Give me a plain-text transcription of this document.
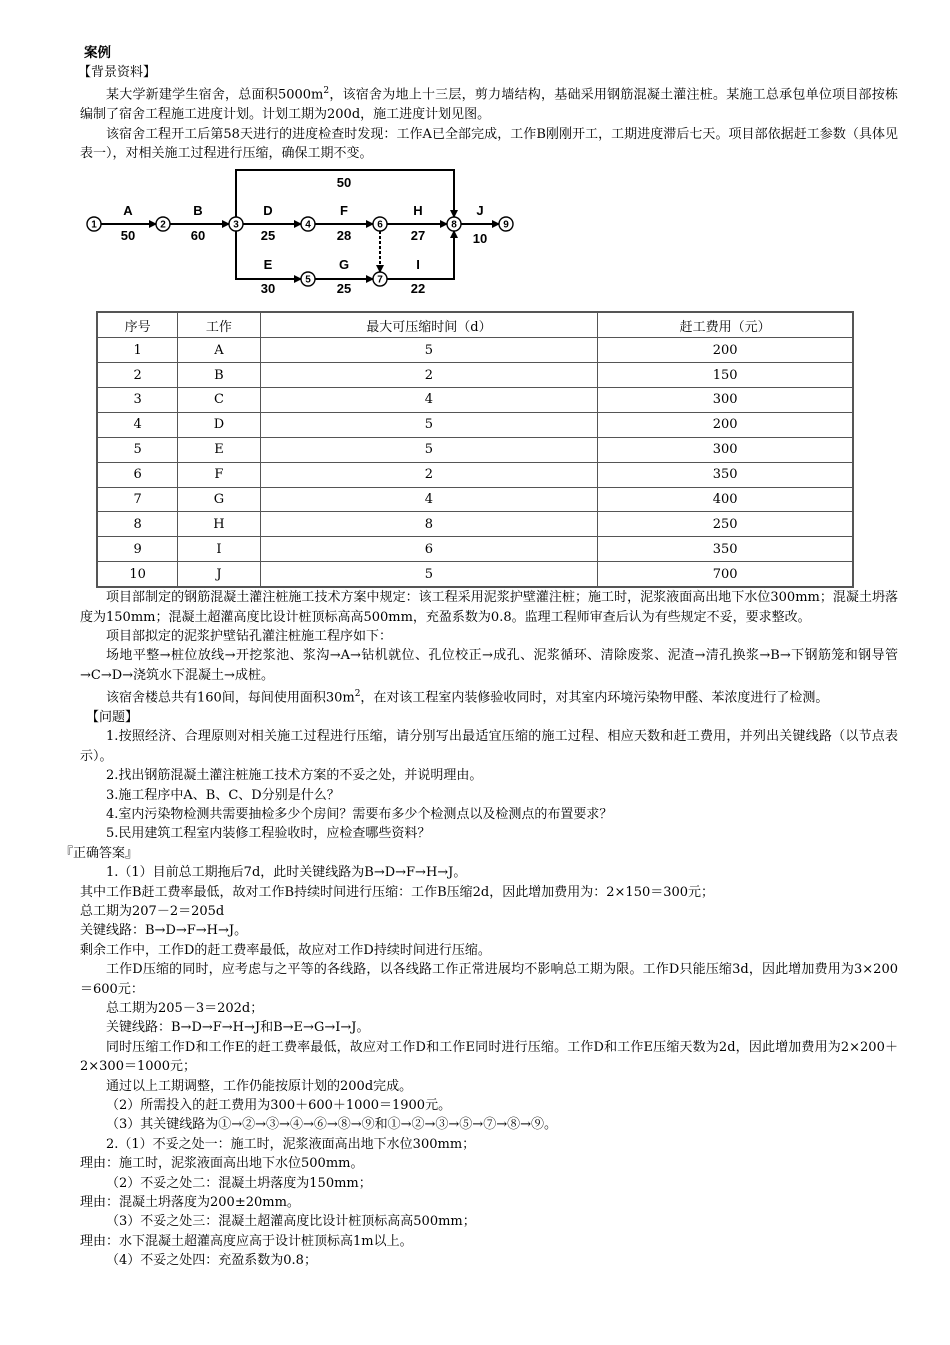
案例
【背景资料】

某大学新建学生宿舍，总面积$5000m^2$，该宿舍为地上十三层，剪力墙结构，基础采用钢筋混凝土灌注桩。某施工总承包单位项目部按栋编制了宿舍工程施工进度计划。计划工期为200d，施工进度计划见图。

该宿舍工程开工后第58天进行的进度检查时发现：工作A已全部完成，工作B刚刚开工，工期进度滞后七天。项目部依据赶工参数（具体见表一），对相关施工过程进行压缩，确保工期不变。

1	2	3	4
5
6
7
8	9
A
50
B
60
50
D
25
E
30
F
28
G
25
H
27
I
22
J
10
序号	工作	最大可压缩时间（d）	赶工费用（元）
1	A	5	200
2	B	2	150
3	C	4	300
4	D	5	200
5	E	5	300
6	F	2	350
7	G	4	400
8	H	8	250
9	I	6	350
10	J	5	700

项目部制定的钢筋混凝土灌注桩施工技术方案中规定：该工程采用泥浆护壁灌注桩；施工时，泥浆液面高出地下水位300mm；混凝土坍落度为150mm；混凝土超灌高度比设计桩顶标高高500mm，充盈系数为0.8。监理工程师审查后认为有些规定不妥，要求整改。

项目部拟定的泥浆护壁钻孔灌注桩施工程序如下：

场地平整→桩位放线→开挖浆池、浆沟→A→钻机就位、孔位校正→成孔、泥浆循环、清除废浆、泥渣→清孔换浆→B→下钢筋笼和钢导管→C→D→浇筑水下混凝土→成桩。

该宿舍楼总共有160间，每间使用面积$30m^2$，在对该工程室内装修验收同时，对其室内环境污染物甲醛、苯浓度进行了检测。

【问题】

1.按照经济、合理原则对相关施工过程进行压缩，请分别写出最适宜压缩的施工过程、相应天数和赶工费用，并列出关键线路（以节点表示）。

2.找出钢筋混凝土灌注桩施工技术方案的不妥之处，并说明理由。

3.施工程序中A、B、C、D分别是什么？

4.室内污染物检测共需要抽检多少个房间？需要布多少个检测点以及检测点的布置要求？

5.民用建筑工程室内装修工程验收时，应检查哪些资料？

『正确答案』

1.（1）目前总工期拖后7d，此时关键线路为B→D→F→H→J。

其中工作B赶工费率最低，故对工作B持续时间进行压缩：工作B压缩2d，因此增加费用为：2×150＝300元；

总工期为207－2＝205d

关键线路：B→D→F→H→J。

剩余工作中，工作D的赶工费率最低，故应对工作D持续时间进行压缩。

工作D压缩的同时，应考虑与之平等的各线路，以各线路工作正常进展均不影响总工期为限。工作D只能压缩3d，因此增加费用为3×200＝600元：

总工期为205－3＝202d；

关键线路：B→D→F→H→J和B→E→G→I→J。

同时压缩工作D和工作E的赶工费率最低，故应对工作D和工作E同时进行压缩。工作D和工作E压缩天数为2d，因此增加费用为2×200＋2×300＝1000元；

通过以上工期调整，工作仍能按原计划的200d完成。

（2）所需投入的赶工费用为300＋600＋1000＝1900元。

（3）其关键线路为①→②→③→④→⑥→⑧→⑨和①→②→③→⑤→⑦→⑧→⑨。

2.（1）不妥之处一：施工时，泥浆液面高出地下水位300mm；

理由：施工时，泥浆液面高出地下水位500mm。

（2）不妥之处二：混凝土坍落度为150mm；

理由：混凝土坍落度为200±20mm。

（3）不妥之处三：混凝土超灌高度比设计桩顶标高高500mm；

理由：水下混凝土超灌高度应高于设计桩顶标高1m以上。

（4）不妥之处四：充盈系数为0.8；
